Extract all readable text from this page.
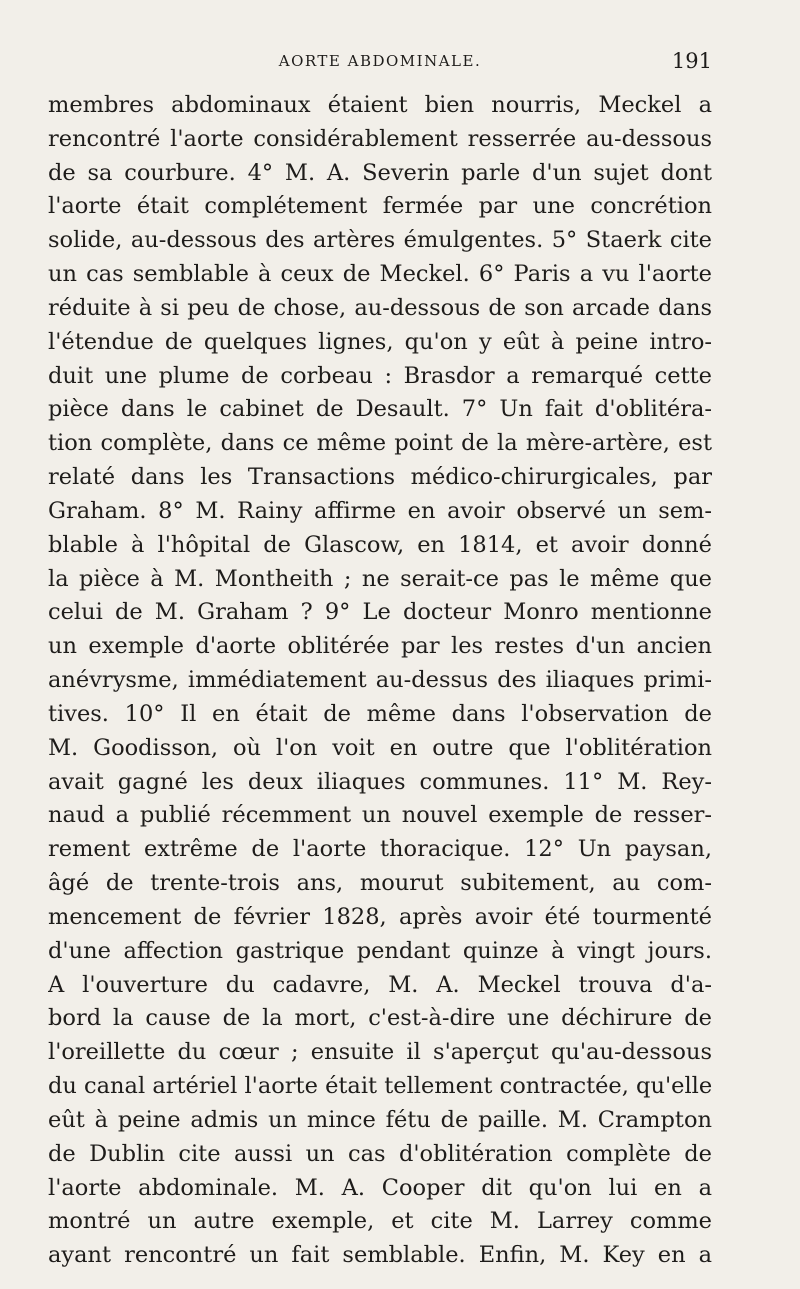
AORTE ABDOMINALE.	191
membres abdominaux étaient bien nourris, Meckel a
rencontré l'aorte considérablement resserrée au-dessous
de sa courbure. 4° M. A. Severin parle d'un sujet dont
l'aorte était complétement fermée par une concrétion
solide, au-dessous des artères émulgentes. 5° Staerk cite
un cas semblable à ceux de Meckel. 6° Paris a vu l'aorte
réduite à si peu de chose, au-dessous de son arcade dans
l'étendue de quelques lignes, qu'on y eût à peine intro-
duit une plume de corbeau : Brasdor a remarqué cette
pièce dans le cabinet de Desault. 7° Un fait d'oblitéra-
tion complète, dans ce même point de la mère-artère, est
relaté dans les Transactions médico-chirurgicales, par
Graham. 8° M. Rainy affirme en avoir observé un sem-
blable à l'hôpital de Glascow, en 1814, et avoir donné
la pièce à M. Montheith ; ne serait-ce pas le même que
celui de M. Graham ? 9° Le docteur Monro mentionne
un exemple d'aorte oblitérée par les restes d'un ancien
anévrysme, immédiatement au-dessus des iliaques primi-
tives. 10° Il en était de même dans l'observation de
M. Goodisson, où l'on voit en outre que l'oblitération
avait gagné les deux iliaques communes. 11° M. Rey-
naud a publié récemment un nouvel exemple de resser-
rement extrême de l'aorte thoracique. 12° Un paysan,
âgé de trente-trois ans, mourut subitement, au com-
mencement de février 1828, après avoir été tourmenté
d'une affection gastrique pendant quinze à vingt jours.
A l'ouverture du cadavre, M. A. Meckel trouva d'a-
bord la cause de la mort, c'est-à-dire une déchirure de
l'oreillette du cœur ; ensuite il s'aperçut qu'au-dessous
du canal artériel l'aorte était tellement contractée, qu'elle
eût à peine admis un mince fétu de paille. M. Crampton
de Dublin cite aussi un cas d'oblitération complète de
l'aorte abdominale. M. A. Cooper dit qu'on lui en a
montré un autre exemple, et cite M. Larrey comme
ayant rencontré un fait semblable. Enfin, M. Key en a
